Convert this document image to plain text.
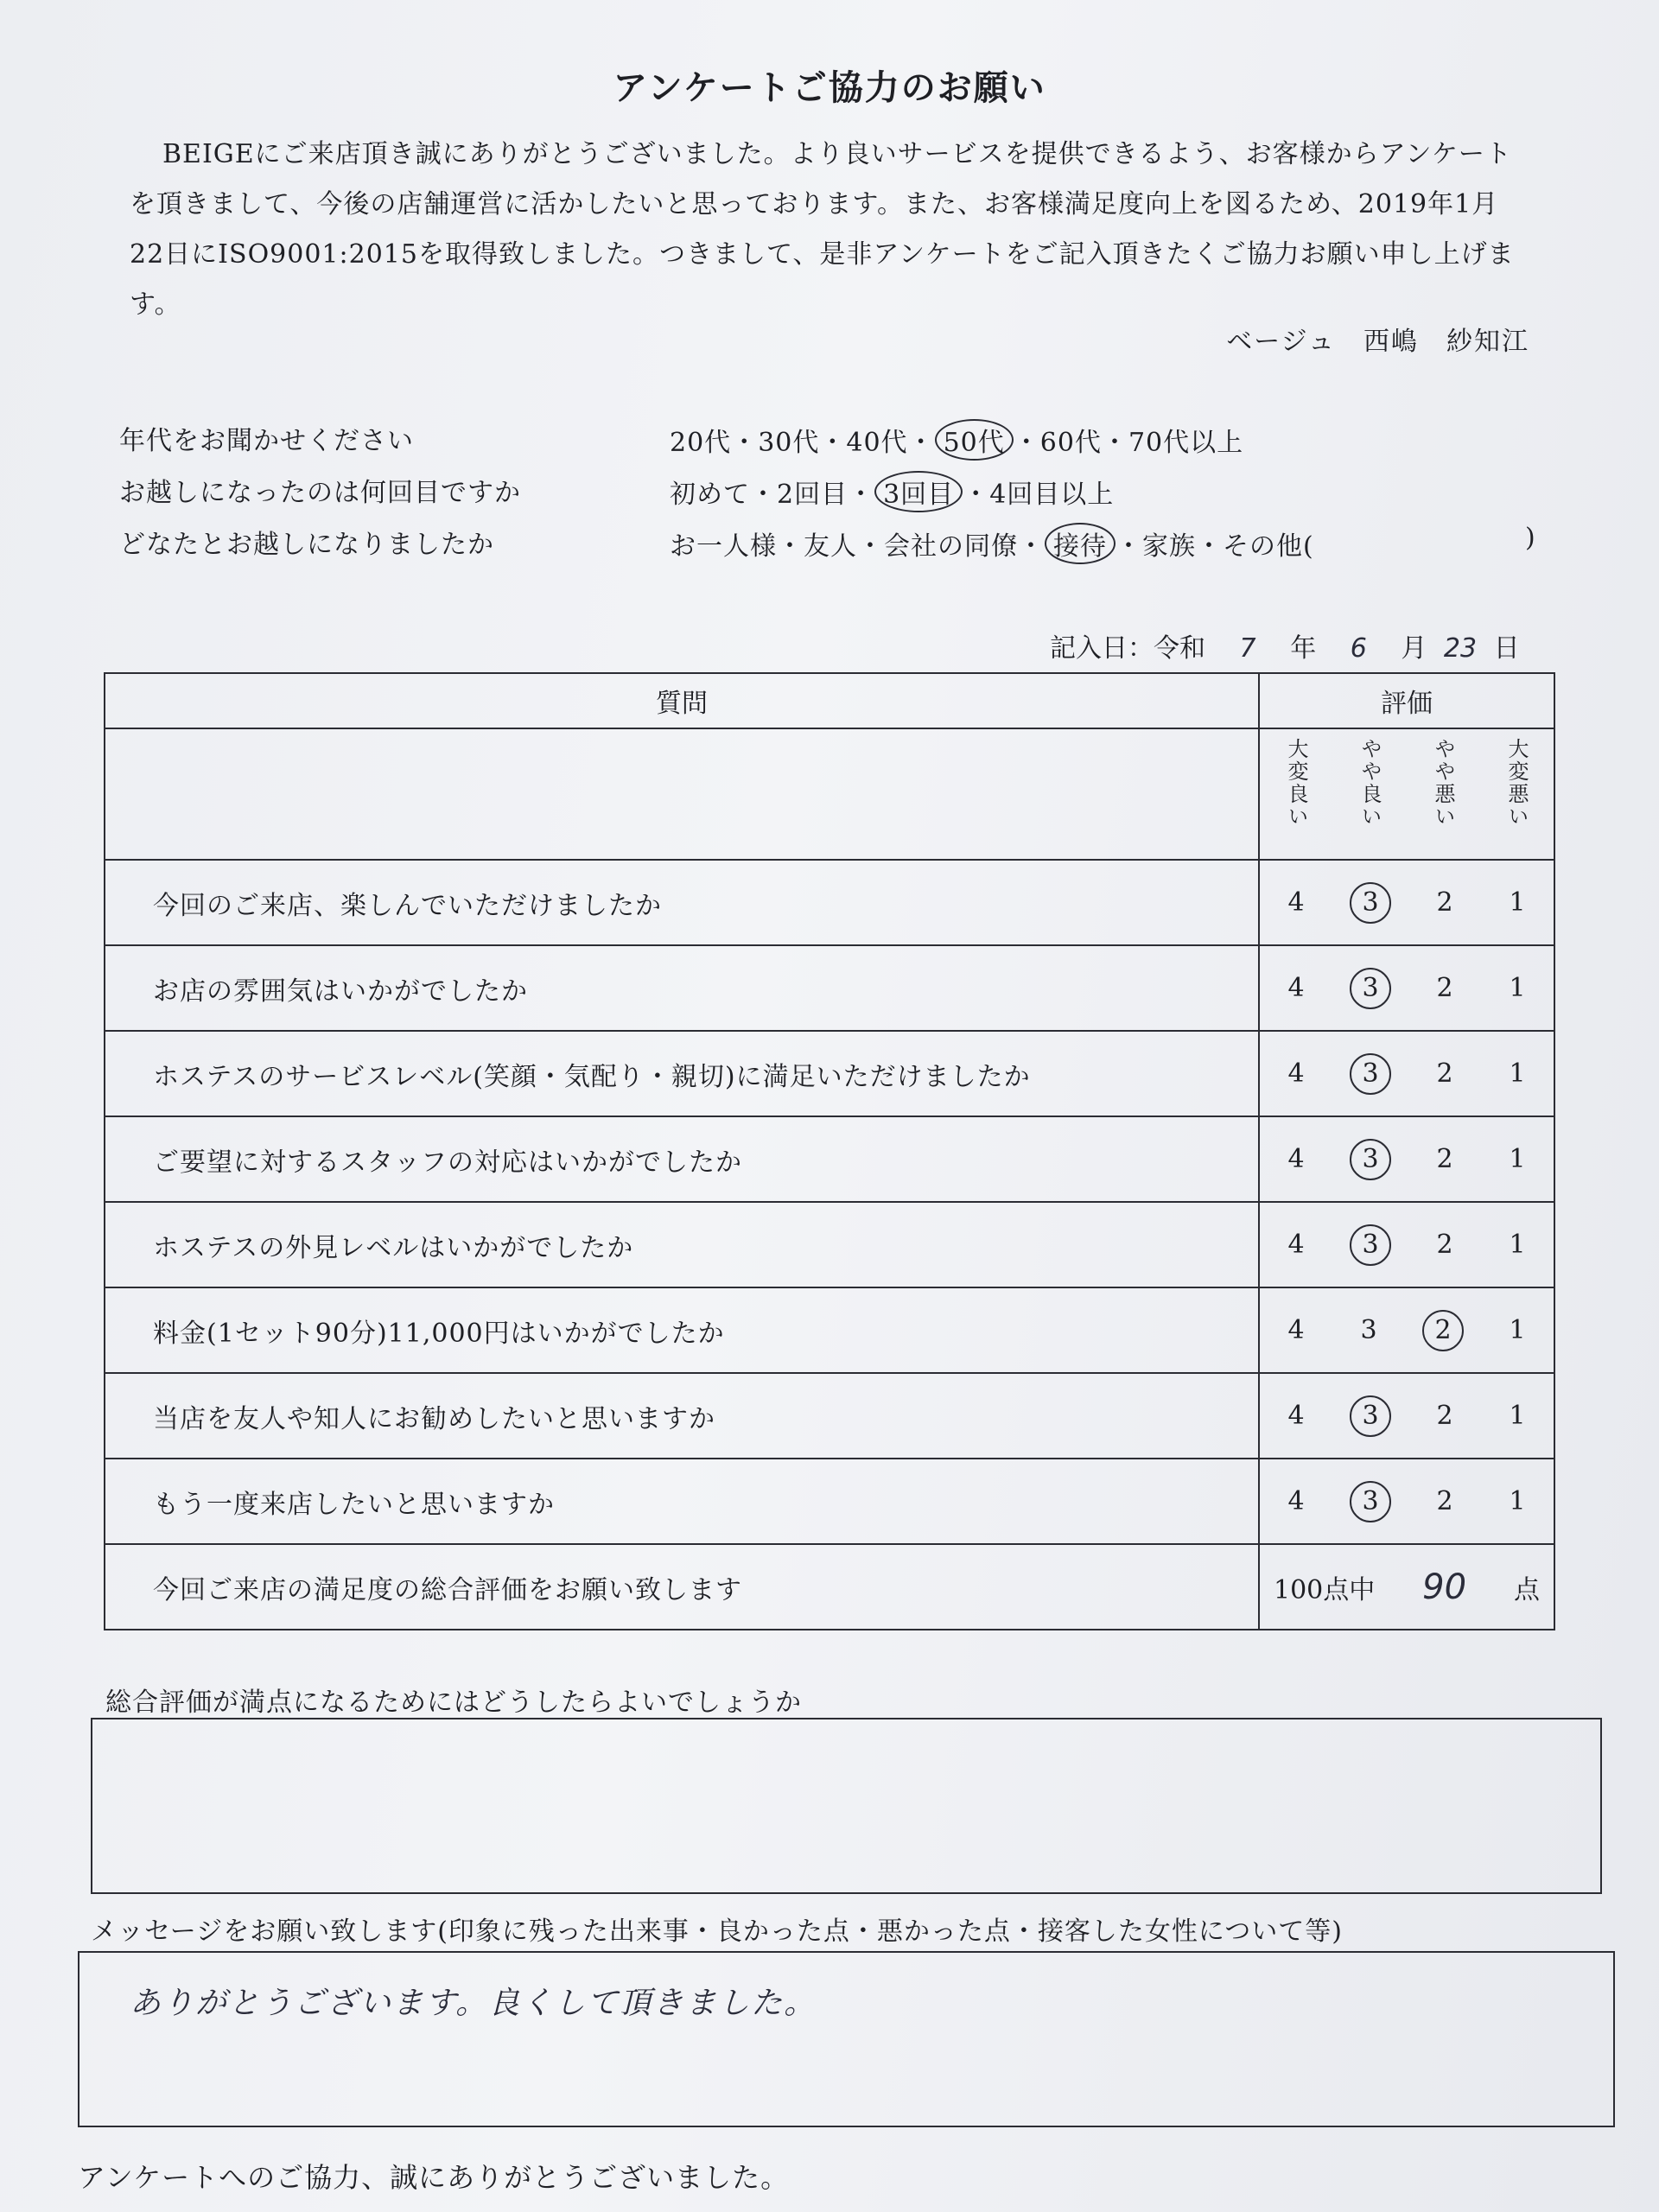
アンケートご協力のお願い
BEIGEにご来店頂き誠にありがとうございました。より良いサービスを提供できるよう、お客様からアンケートを頂きまして、今後の店舗運営に活かしたいと思っております。また、お客様満足度向上を図るため、2019年1月22日にISO9001:2015を取得致しました。つきまして、是非アンケートをご記入頂きたくご協力お願い申し上げます。
ベージュ　西嶋　紗知江
年代をお聞かせください	20代・30代・40代・ 50代 ・60代・70代以上
お越しになったのは何回目ですか	初めて・2回目・ 3回目 ・4回目以上
どなたとお越しになりましたか	お一人様・友人・会社の同僚・ 接待 ・家族・その他(	)
記入日：令和 7 年 6 月 23 日
質問	評価

	大変良い やや良い やや悪い 大変悪い

今回のご来店、楽しんでいただけましたか	4 3 2 1

お店の雰囲気はいかがでしたか	4 3 2 1

ホステスのサービスレベル(笑顔・気配り・親切)に満足いただけましたか	4 3 2 1

ご要望に対するスタッフの対応はいかがでしたか	4 3 2 1

ホステスの外見レベルはいかがでしたか	4 3 2 1

料金(1セット90分)11,000円はいかがでしたか	4 3 2 1

当店を友人や知人にお勧めしたいと思いますか	4 3 2 1

もう一度来店したいと思いますか	4 3 2 1

今回ご来店の満足度の総合評価をお願い致します	100点中 90 点
総合評価が満点になるためにはどうしたらよいでしょうか
メッセージをお願い致します(印象に残った出来事・良かった点・悪かった点・接客した女性について等)
ありがとうございます。良くして頂きました。
アンケートへのご協力、誠にありがとうございました。
